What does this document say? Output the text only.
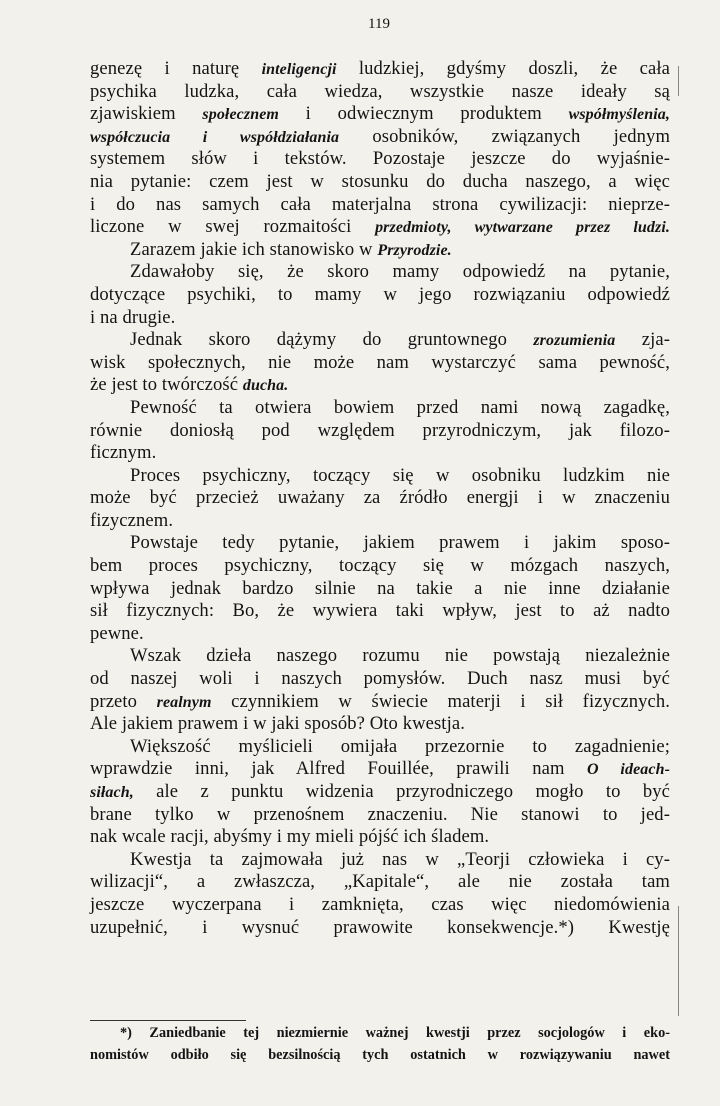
119
genezę i naturę inteligencji ludzkiej, gdyśmy doszli, że cała
psychika ludzka, cała wiedza, wszystkie nasze ideały są
zjawiskiem społecznem i odwiecznym produktem współmyślenia,
współczucia i współdziałania osobników, związanych jednym
systemem słów i tekstów. Pozostaje jeszcze do wyjaśnie-
nia pytanie: czem jest w stosunku do ducha naszego, a więc
i do nas samych cała materjalna strona cywilizacji: nieprze-
liczone w swej rozmaitości przedmioty, wytwarzane przez ludzi.
Zarazem jakie ich stanowisko w Przyrodzie.
Zdawałoby się, że skoro mamy odpowiedź na pytanie,
dotyczące psychiki, to mamy w jego rozwiązaniu odpowiedź
i na drugie.
Jednak skoro dążymy do gruntownego zrozumienia zja-
wisk społecznych, nie może nam wystarczyć sama pewność,
że jest to twórczość ducha.
Pewność ta otwiera bowiem przed nami nową zagadkę,
równie doniosłą pod względem przyrodniczym, jak filozo-
ficznym.
Proces psychiczny, toczący się w osobniku ludzkim nie
może być przecież uważany za źródło energji i w znaczeniu
fizycznem.
Powstaje tedy pytanie, jakiem prawem i jakim sposo-
bem proces psychiczny, toczący się w mózgach naszych,
wpływa jednak bardzo silnie na takie a nie inne działanie
sił fizycznych: Bo, że wywiera taki wpływ, jest to aż nadto
pewne.
Wszak dzieła naszego rozumu nie powstają niezależnie
od naszej woli i naszych pomysłów. Duch nasz musi być
przeto realnym czynnikiem w świecie materji i sił fizycznych.
Ale jakiem prawem i w jaki sposób? Oto kwestja.
Większość myślicieli omijała przezornie to zagadnienie;
wprawdzie inni, jak Alfred Fouillée, prawili nam O ideach-
siłach, ale z punktu widzenia przyrodniczego mogło to być
brane tylko w przenośnem znaczeniu. Nie stanowi to jed-
nak wcale racji, abyśmy i my mieli pójść ich śladem.
Kwestja ta zajmowała już nas w „Teorji człowieka i cy-
wilizacji“, a zwłaszcza, „Kapitale“, ale nie została tam
jeszcze wyczerpana i zamknięta, czas więc niedomówienia
uzupełnić, i wysnuć prawowite konsekwencje.*) Kwestję
*) Zaniedbanie tej niezmiernie ważnej kwestji przez socjologów i eko-
nomistów odbiło się bezsilnością tych ostatnich w rozwiązywaniu nawet
